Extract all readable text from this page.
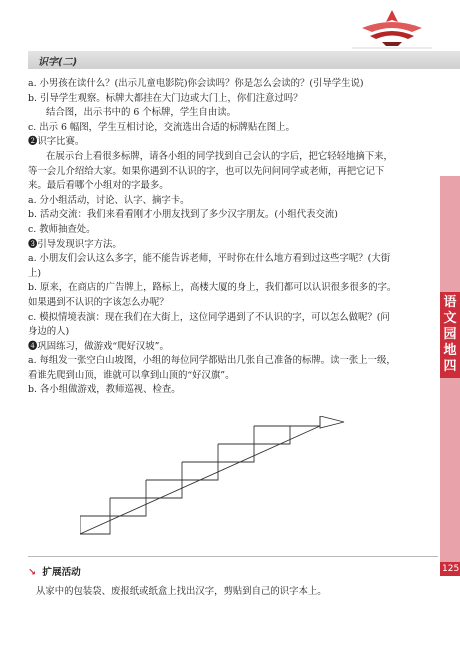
识字(二)

a. 小男孩在读什么？(出示儿童电影院)你会读吗？你是怎么会读的？(引导学生说)

b. 引导学生观察。标牌大都挂在大门边或大门上，你们注意过吗？

结合图，出示书中的 6 个标牌，学生自由读。

c. 出示 6 幅图，学生互相讨论，交流选出合适的标牌贴在图上。

❷识字比赛。

在展示台上看很多标牌，请各小组的同学找到自己会认的字后，把它轻轻地摘下来，等一会儿介绍给大家。如果你遇到不认识的字，也可以先问问同学或老师，再把它记下来。最后看哪个小组对的字最多。

a. 分小组活动，讨论、认字、摘字卡。

b. 活动交流：我们来看看刚才小朋友找到了多少汉字朋友。(小组代表交流)

c. 教师抽查处。

❸引导发现识字方法。

a. 小朋友们会认这么多字，能不能告诉老师，平时你在什么地方看到过这些字呢？(大街上)

b. 原来，在商店的广告牌上，路标上，高楼大厦的身上，我们都可以认识很多很多的字。如果遇到不认识的字该怎么办呢？

c. 模拟情境表演：现在我们在大街上，这位同学遇到了不认识的字，可以怎么做呢？(问身边的人)

❹巩固练习，做游戏“爬好汉坡”。

a. 每组发一张空白山坡图，小组的每位同学都贴出几张自己准备的标牌。读一张上一级，看谁先爬到山顶，谁就可以拿到山顶的“好汉旗”。

b. 各小组做游戏，教师巡视、检查。

语
文
园
地
四
125
↘ 扩展活动
从家中的包装袋、废报纸或纸盒上找出汉字，剪贴到自己的识字本上。
